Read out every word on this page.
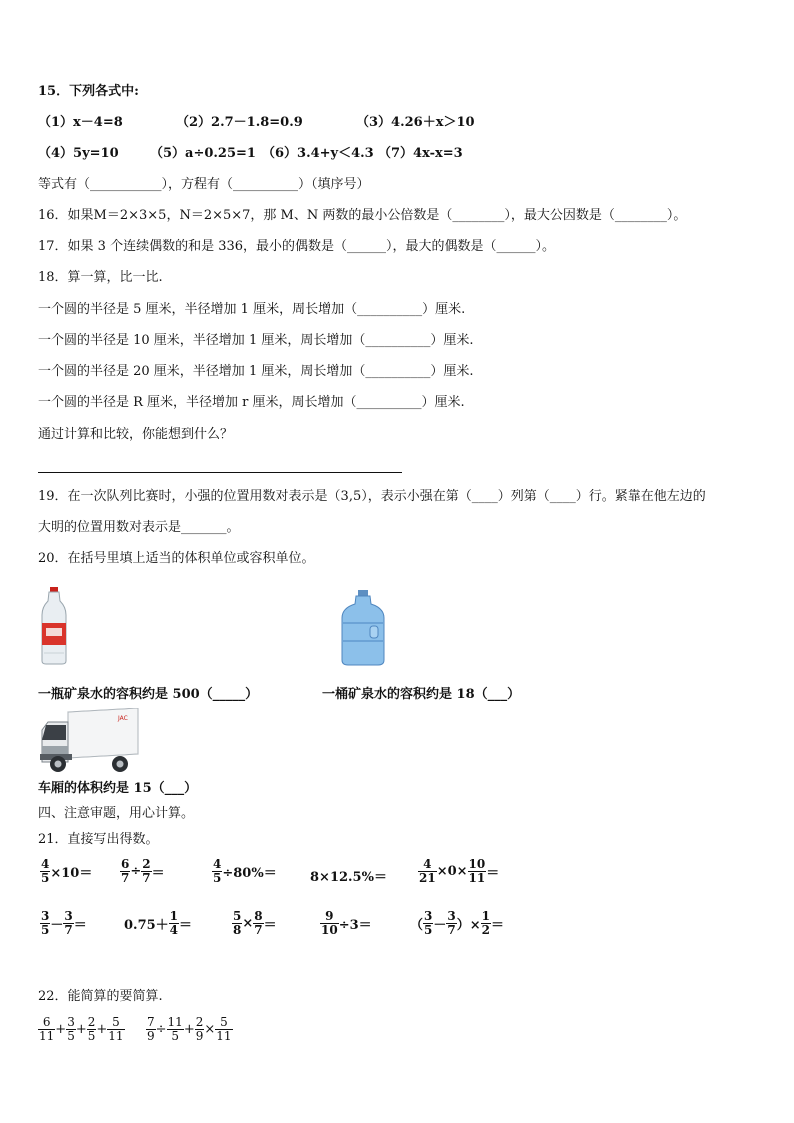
15．下列各式中:
（1）x－4=8	（2）2.7－1.8=0.9	（3）4.26＋x＞10
（4）5y=10 （5）a÷0.25=1 （6）3.4+y＜4.3 （7）4x-x=3
等式有（___________），方程有（__________）（填序号）
16．如果M＝2×3×5，N＝2×5×7，那 M、N 两数的最小公倍数是（________），最大公因数是（________）。
17．如果 3 个连续偶数的和是 336，最小的偶数是（______），最大的偶数是（______）。
18．算一算，比一比.
一个圆的半径是 5 厘米，半径增加 1 厘米，周长增加（__________）厘米.
一个圆的半径是 10 厘米，半径增加 1 厘米，周长增加（__________）厘米.
一个圆的半径是 20 厘米，半径增加 1 厘米，周长增加（__________）厘米.
一个圆的半径是 R 厘米，半径增加 r 厘米，周长增加（__________）厘米.
通过计算和比较，你能想到什么？
19．在一次队列比赛时，小强的位置用数对表示是（3,5），表示小强在第（____）列第（____）行。紧靠在他左边的
大明的位置用数对表示是_______。
20．在括号里填上适当的体积单位或容积单位。
一瓶矿泉水的容积约是 500（_____）	一桶矿泉水的容积约是 18（___）
JAC
车厢的体积约是 15（___）
四、注意审题，用心计算。
21．直接写出得数。
$\frac{4}{5} \times 10= \frac{6}{7} \div \frac{2}{7}$ ＝	$\frac{4}{5} \div 80\%=$	8×12.5%＝	$\frac{4}{21} \times 0\times \frac{10}{11}$ ＝
$\frac{3}{5} - \frac{3}{7}$ ＝	$0.75+ \frac{1}{4}$ ＝	$\frac{5}{8} \times \frac{8}{7}$ ＝	$\frac{9}{10} \div 3=$	（ $\frac{3}{5} - \frac{3}{7}$ ）× $\frac{1}{2}$ ＝
22．能简算的要简算.
$\frac{6}{11} + \frac{3}{5} + \frac{2}{5} + \frac{5}{11} \frac{7}{9} \div \frac{11}{5} + \frac{2}{9} \times \frac{5}{11}$
